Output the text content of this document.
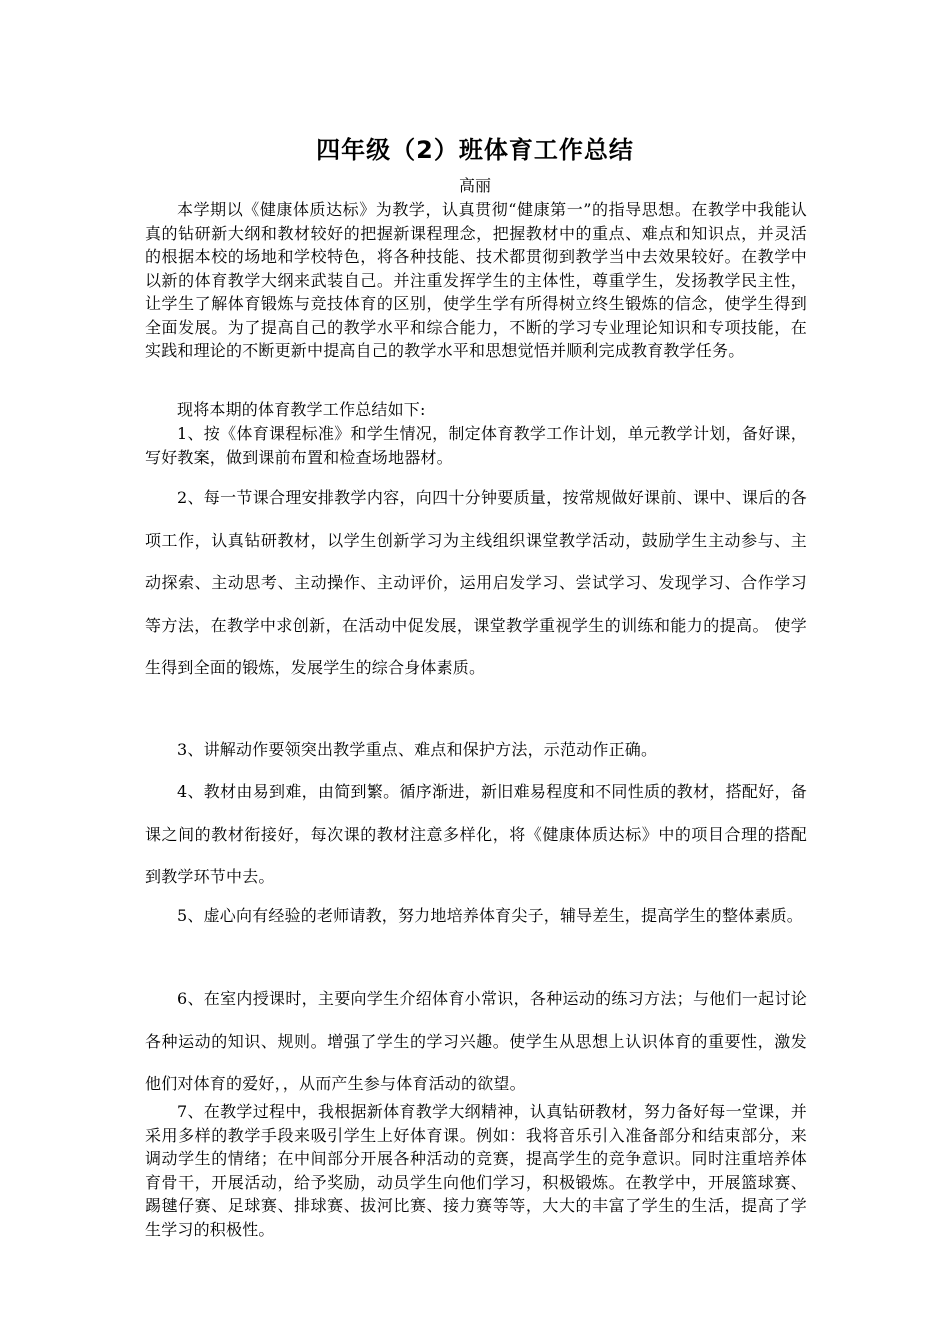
四年级（2）班体育工作总结
高丽

本学期以《健康体质达标》为教学，认真贯彻“健康第一”的指导思想。在教学中我能认真的钻研新大纲和教材较好的把握新课程理念，把握教材中的重点、难点和知识点，并灵活的根据本校的场地和学校特色，将各种技能、技术都贯彻到教学当中去效果较好。在教学中以新的体育教学大纲来武装自己。并注重发挥学生的主体性，尊重学生，发扬教学民主性，让学生了解体育锻炼与竞技体育的区别，使学生学有所得树立终生锻炼的信念，使学生得到全面发展。为了提高自己的教学水平和综合能力，不断的学习专业理论知识和专项技能，在实践和理论的不断更新中提高自己的教学水平和思想觉悟并顺利完成教育教学任务。

现将本期的体育教学工作总结如下:

1、按《体育课程标准》和学生情况，制定体育教学工作计划，单元教学计划，备好课，写好教案，做到课前布置和检查场地器材。

2、每一节课合理安排教学内容，向四十分钟要质量，按常规做好课前、课中、课后的各项工作，认真钻研教材，以学生创新学习为主线组织课堂教学活动，鼓励学生主动参与、主动探索、主动思考、主动操作、主动评价，运用启发学习、尝试学习、发现学习、合作学习等方法，在教学中求创新，在活动中促发展，课堂教学重视学生的训练和能力的提高。 使学生得到全面的锻炼，发展学生的综合身体素质。

3、讲解动作要领突出教学重点、难点和保护方法，示范动作正确。

4、教材由易到难，由简到繁。循序渐进，新旧难易程度和不同性质的教材，搭配好，备课之间的教材衔接好，每次课的教材注意多样化，将《健康体质达标》中的项目合理的搭配到教学环节中去。

5、虚心向有经验的老师请教，努力地培养体育尖子，辅导差生，提高学生的整体素质。

6、在室内授课时，主要向学生介绍体育小常识，各种运动的练习方法；与他们一起讨论各种运动的知识、规则。增强了学生的学习兴趣。使学生从思想上认识体育的重要性，激发他们对体育的爱好，，从而产生参与体育活动的欲望。

7、在教学过程中，我根据新体育教学大纲精神，认真钻研教材，努力备好每一堂课，并采用多样的教学手段来吸引学生上好体育课。例如：我将音乐引入准备部分和结束部分，来调动学生的情绪；在中间部分开展各种活动的竞赛，提高学生的竞争意识。同时注重培养体育骨干，开展活动，给予奖励，动员学生向他们学习，积极锻炼。在教学中，开展篮球赛、踢毽仔赛、足球赛、排球赛、拔河比赛、接力赛等等，大大的丰富了学生的生活，提高了学生学习的积极性。
